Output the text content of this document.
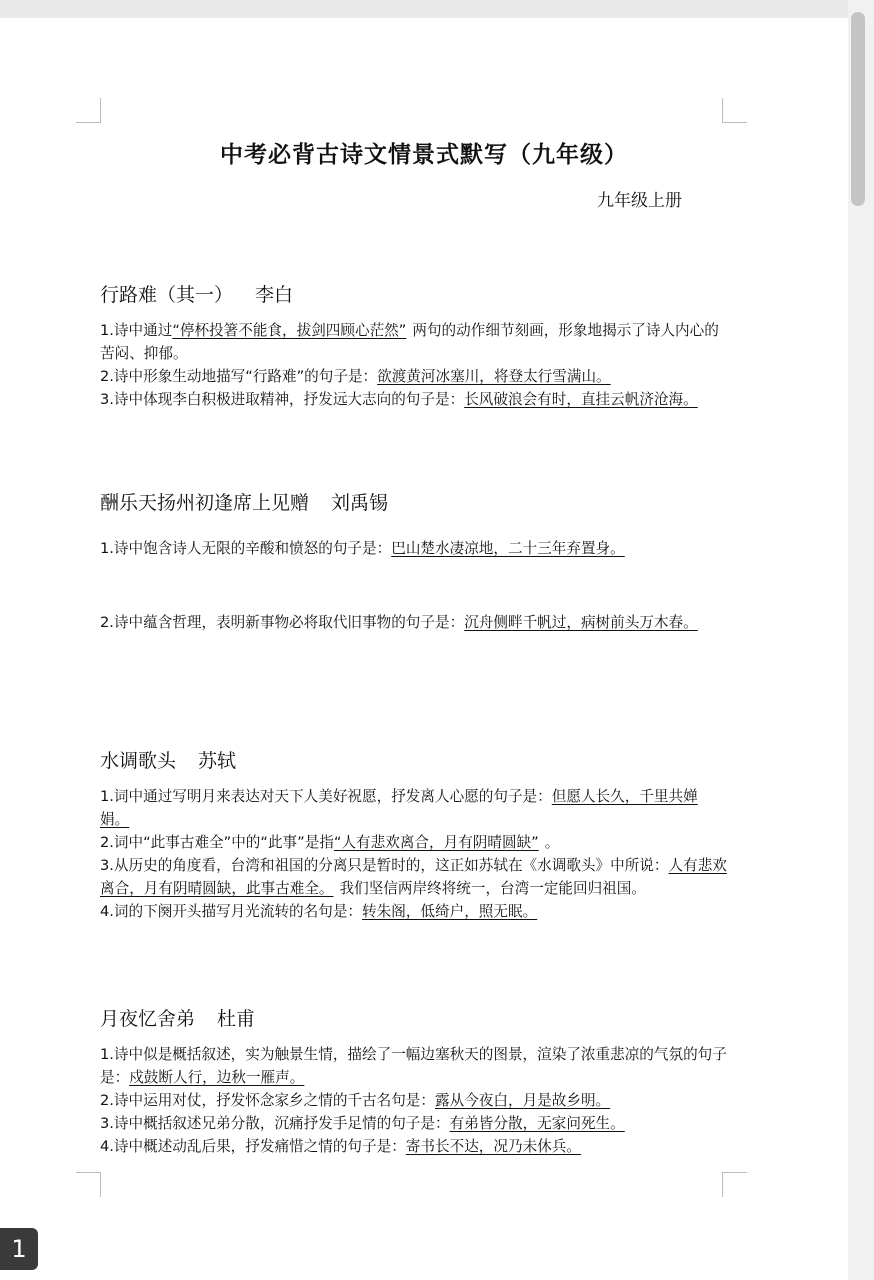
中考必背古诗文情景式默写（九年级）
九年级上册
行路难（其一） 李白

1.诗中通过“停杯投箸不能食，拔剑四顾心茫然” 两句的动作细节刻画，形象地揭示了诗人内心的苦闷、抑郁。

2.诗中形象生动地描写“行路难”的句子是：欲渡黄河冰塞川，将登太行雪满山。

3.诗中体现李白积极进取精神，抒发远大志向的句子是：长风破浪会有时，直挂云帆济沧海。

酬乐天扬州初逢席上见赠 刘禹锡

1.诗中饱含诗人无限的辛酸和愤怒的句子是：巴山楚水凄凉地，二十三年弃置身。

2.诗中蕴含哲理，表明新事物必将取代旧事物的句子是：沉舟侧畔千帆过，病树前头万木春。

水调歌头 苏轼

1.词中通过写明月来表达对天下人美好祝愿，抒发离人心愿的句子是：但愿人长久，千里共婵娟。

2.词中“此事古难全”中的“此事”是指“人有悲欢离合，月有阴晴圆缺” 。

3.从历史的角度看，台湾和祖国的分离只是暂时的，这正如苏轼在《水调歌头》中所说：人有悲欢离合，月有阴晴圆缺，此事古难全。 我们坚信两岸终将统一，台湾一定能回归祖国。

4.词的下阕开头描写月光流转的名句是：转朱阁，低绮户，照无眠。

月夜忆舍弟 杜甫

1.诗中似是概括叙述，实为触景生情，描绘了一幅边塞秋天的图景，渲染了浓重悲凉的气氛的句子是：戍鼓断人行，边秋一雁声。

2.诗中运用对仗，抒发怀念家乡之情的千古名句是：露从今夜白，月是故乡明。

3.诗中概括叙述兄弟分散，沉痛抒发手足情的句子是：有弟皆分散，无家问死生。

4.诗中概述动乱后果，抒发痛惜之情的句子是：寄书长不达，况乃未休兵。

1
